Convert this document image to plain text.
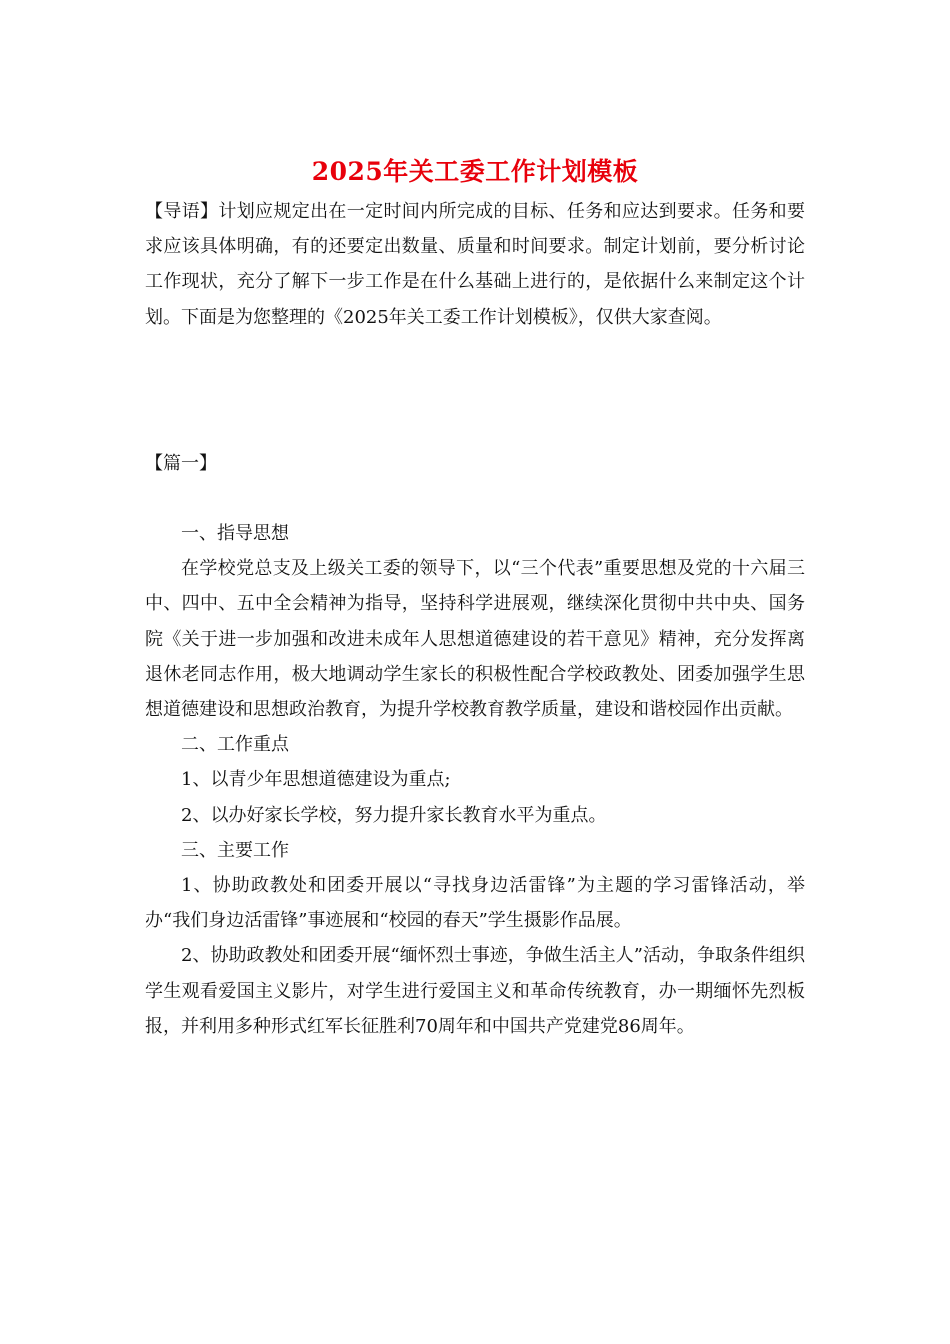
2025年关工委工作计划模板
【导语】计划应规定出在一定时间内所完成的目标、任务和应达到要求。任务和要求应该具体明确，有的还要定出数量、质量和时间要求。制定计划前，要分析讨论工作现状，充分了解下一步工作是在什么基础上进行的，是依据什么来制定这个计划。下面是为您整理的《2025年关工委工作计划模板》，仅供大家查阅。
【篇一】

一、指导思想

在学校党总支及上级关工委的领导下，以“三个代表”重要思想及党的十六届三中、四中、五中全会精神为指导，坚持科学进展观，继续深化贯彻中共中央、国务院《关于进一步加强和改进未成年人思想道德建设的若干意见》精神，充分发挥离退休老同志作用，极大地调动学生家长的积极性配合学校政教处、团委加强学生思想道德建设和思想政治教育，为提升学校教育教学质量，建设和谐校园作出贡献。

二、工作重点

1、以青少年思想道德建设为重点;

2、以办好家长学校，努力提升家长教育水平为重点。

三、主要工作

1、协助政教处和团委开展以“寻找身边活雷锋”为主题的学习雷锋活动，举办“我们身边活雷锋”事迹展和“校园的春天”学生摄影作品展。

2、协助政教处和团委开展“缅怀烈士事迹，争做生活主人”活动，争取条件组织学生观看爱国主义影片，对学生进行爱国主义和革命传统教育，办一期缅怀先烈板报，并利用多种形式红军长征胜利70周年和中国共产党建党86周年。
